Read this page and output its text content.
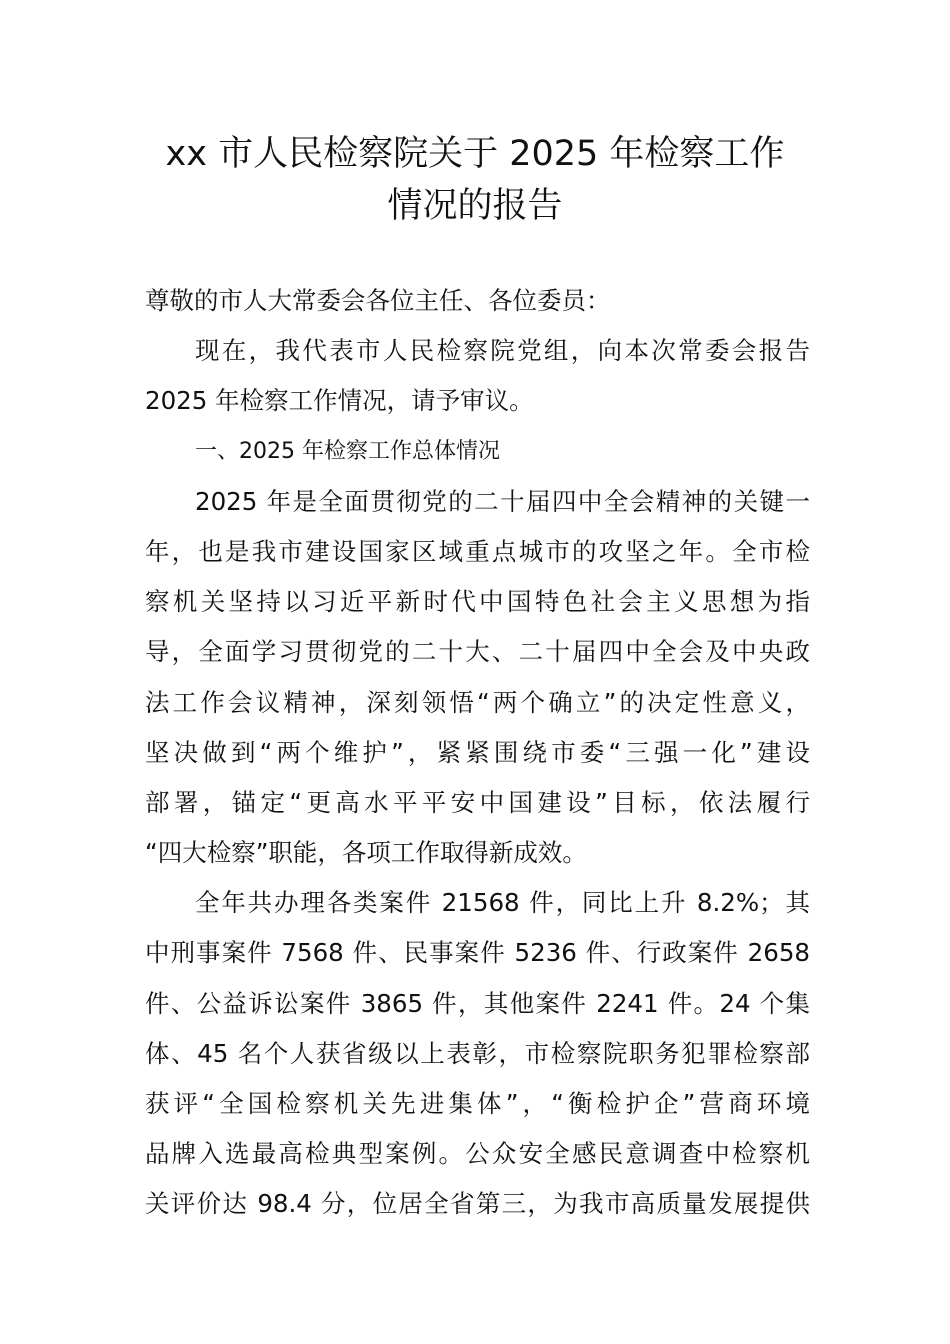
xx 市人民检察院关于 2025 年检察工作
情况的报告
尊敬的市人大常委会各位主任、各位委员：
现在，我代表市人民检察院党组，向本次常委会报告
2025 年检察工作情况，请予审议。
一、2025 年检察工作总体情况
2025 年是全面贯彻党的二十届四中全会精神的关键一
年，也是我市建设国家区域重点城市的攻坚之年。全市检
察机关坚持以习近平新时代中国特色社会主义思想为指
导，全面学习贯彻党的二十大、二十届四中全会及中央政
法工作会议精神，深刻领悟“两个确立”的决定性意义，
坚决做到“两个维护”，紧紧围绕市委“三强一化”建设
部署，锚定“更高水平平安中国建设”目标，依法履行
“四大检察”职能，各项工作取得新成效。
全年共办理各类案件 21568 件，同比上升 8.2%；其
中刑事案件 7568 件、民事案件 5236 件、行政案件 2658
件、公益诉讼案件 3865 件，其他案件 2241 件。24 个集
体、45 名个人获省级以上表彰，市检察院职务犯罪检察部
获评“全国检察机关先进集体”，“衡检护企”营商环境
品牌入选最高检典型案例。公众安全感民意调查中检察机
关评价达 98.4 分，位居全省第三，为我市高质量发展提供
